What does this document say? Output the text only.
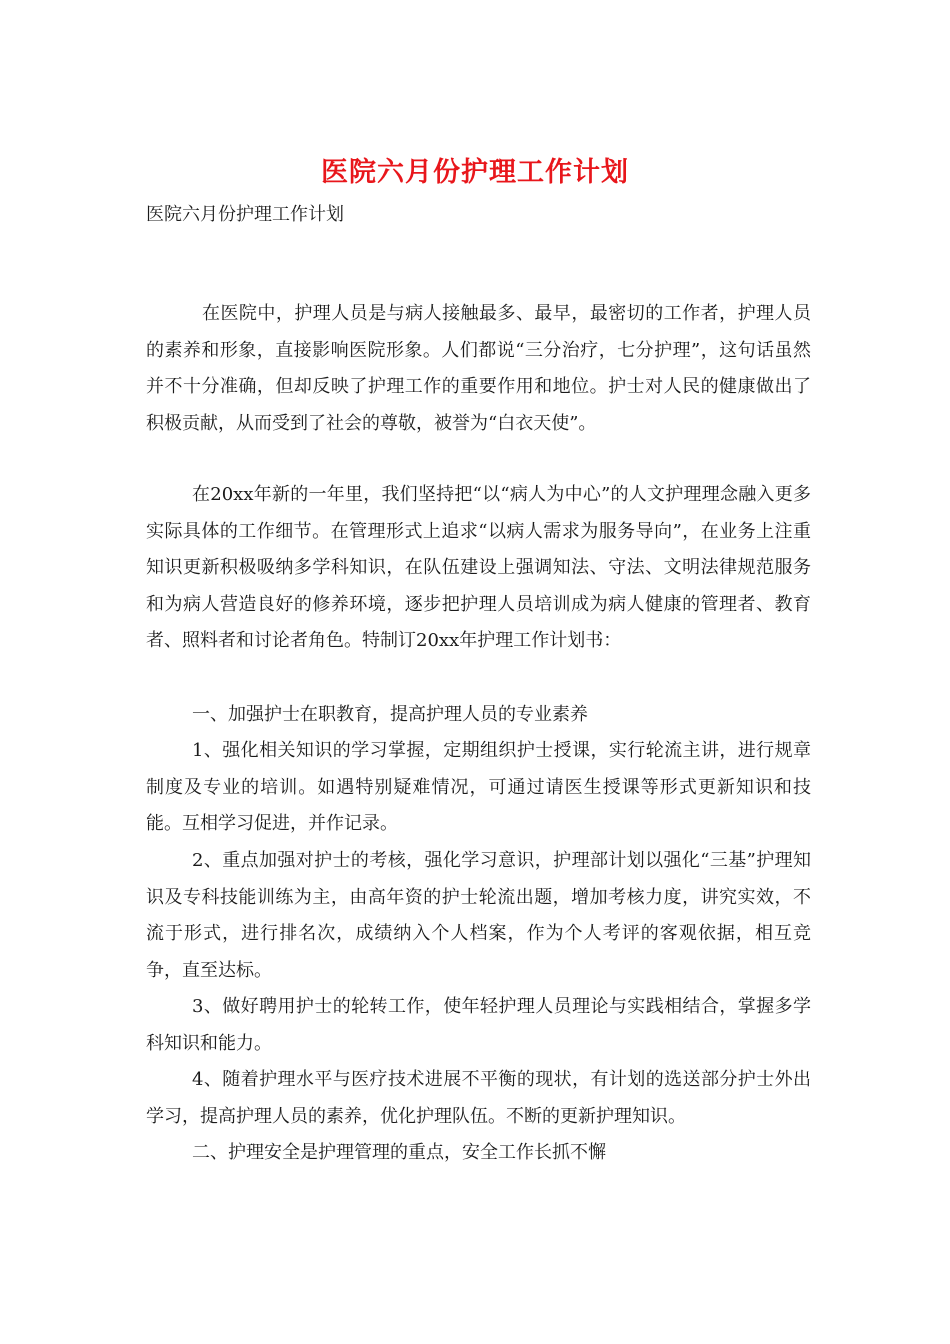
医院六月份护理工作计划
医院六月份护理工作计划

在医院中，护理人员是与病人接触最多、最早，最密切的工作者，护理人员的素养和形象，直接影响医院形象。人们都说“三分治疗，七分护理”，这句话虽然并不十分准确，但却反映了护理工作的重要作用和地位。护士对人民的健康做出了积极贡献，从而受到了社会的尊敬，被誉为“白衣天使”。

在20xx年新的一年里，我们坚持把“以“病人为中心”的人文护理理念融入更多实际具体的工作细节。在管理形式上追求“以病人需求为服务导向”，在业务上注重知识更新积极吸纳多学科知识，在队伍建设上强调知法、守法、文明法律规范服务和为病人营造良好的修养环境，逐步把护理人员培训成为病人健康的管理者、教育者、照料者和讨论者角色。特制订20xx年护理工作计划书：

一、加强护士在职教育，提高护理人员的专业素养

1、强化相关知识的学习掌握，定期组织护士授课，实行轮流主讲，进行规章制度及专业的培训。如遇特别疑难情况，可通过请医生授课等形式更新知识和技能。互相学习促进，并作记录。

2、重点加强对护士的考核，强化学习意识，护理部计划以强化“三基”护理知识及专科技能训练为主，由高年资的护士轮流出题，增加考核力度，讲究实效，不流于形式，进行排名次，成绩纳入个人档案，作为个人考评的客观依据，相互竞争，直至达标。

3、做好聘用护士的轮转工作，使年轻护理人员理论与实践相结合，掌握多学科知识和能力。

4、随着护理水平与医疗技术进展不平衡的现状，有计划的选送部分护士外出学习，提高护理人员的素养，优化护理队伍。不断的更新护理知识。

二、护理安全是护理管理的重点，安全工作长抓不懈
